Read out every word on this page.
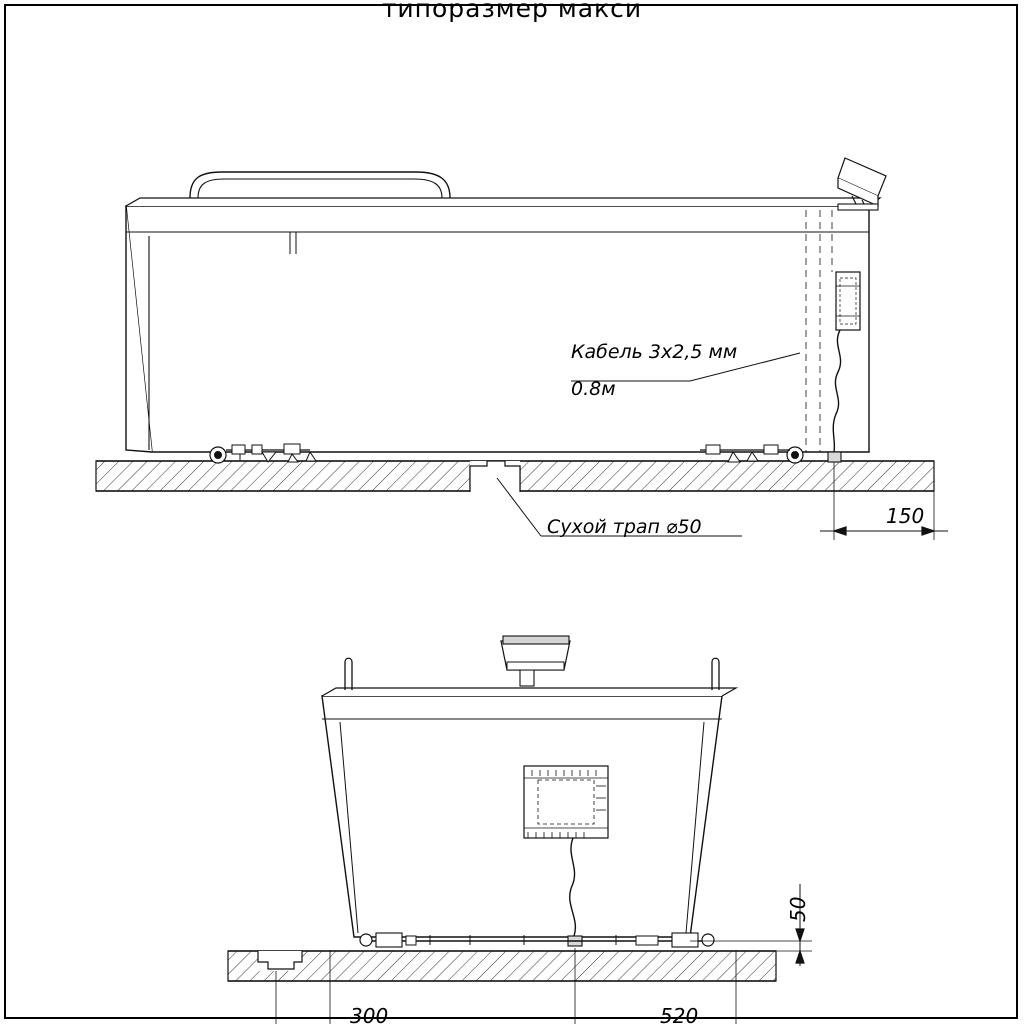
типоразмер макси
Кабель 3х2,5 мм
0.8м
Сухой трап ⌀50	150
50
300	520
